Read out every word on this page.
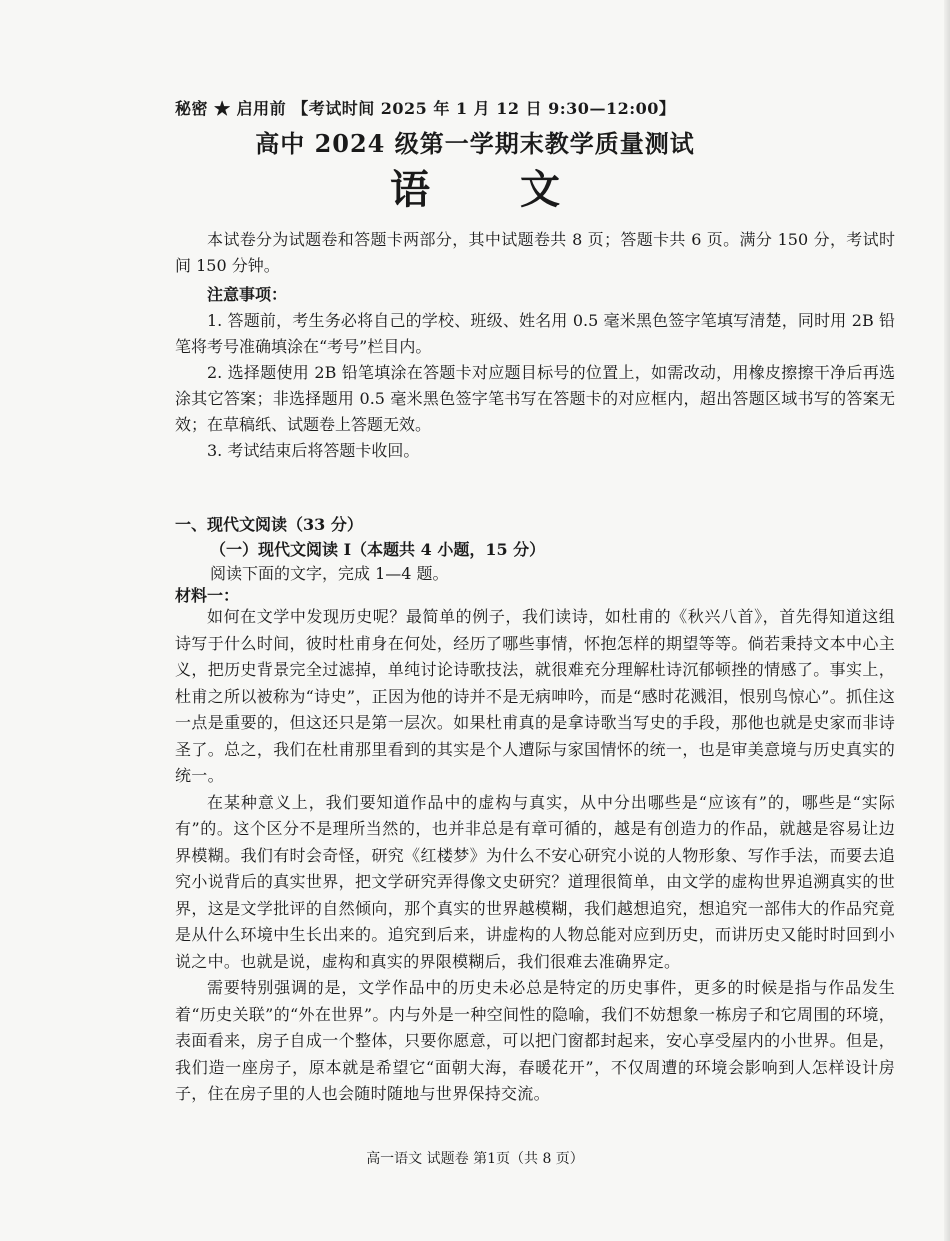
秘密 ★ 启用前 【考试时间 2025 年 1 月 12 日 9:30—12:00】
高中 2024 级第一学期末教学质量测试
语 文

本试卷分为试题卷和答题卡两部分，其中试题卷共 8 页；答题卡共 6 页。满分 150 分，考试时间 150 分钟。

注意事项：

1. 答题前，考生务必将自己的学校、班级、姓名用 0.5 毫米黑色签字笔填写清楚，同时用 2B 铅笔将考号准确填涂在“考号”栏目内。

2. 选择题使用 2B 铅笔填涂在答题卡对应题目标号的位置上，如需改动，用橡皮擦擦干净后再选涂其它答案；非选择题用 0.5 毫米黑色签字笔书写在答题卡的对应框内，超出答题区域书写的答案无效；在草稿纸、试题卷上答题无效。

3. 考试结束后将答题卡收回。

一、现代文阅读（33 分）
（一）现代文阅读 I（本题共 4 小题，15 分）
阅读下面的文字，完成 1—4 题。
材料一：

如何在文学中发现历史呢？最简单的例子，我们读诗，如杜甫的《秋兴八首》，首先得知道这组诗写于什么时间，彼时杜甫身在何处，经历了哪些事情，怀抱怎样的期望等等。倘若秉持文本中心主义，把历史背景完全过滤掉，单纯讨论诗歌技法，就很难充分理解杜诗沉郁顿挫的情感了。事实上，杜甫之所以被称为“诗史”，正因为他的诗并不是无病呻吟，而是“感时花溅泪，恨别鸟惊心”。抓住这一点是重要的，但这还只是第一层次。如果杜甫真的是拿诗歌当写史的手段，那他也就是史家而非诗圣了。总之，我们在杜甫那里看到的其实是个人遭际与家国情怀的统一，也是审美意境与历史真实的统一。

在某种意义上，我们要知道作品中的虚构与真实，从中分出哪些是“应该有”的，哪些是“实际有”的。这个区分不是理所当然的，也并非总是有章可循的，越是有创造力的作品，就越是容易让边界模糊。我们有时会奇怪，研究《红楼梦》为什么不安心研究小说的人物形象、写作手法，而要去追究小说背后的真实世界，把文学研究弄得像文史研究？道理很简单，由文学的虚构世界追溯真实的世界，这是文学批评的自然倾向，那个真实的世界越模糊，我们越想追究，想追究一部伟大的作品究竟是从什么环境中生长出来的。追究到后来，讲虚构的人物总能对应到历史，而讲历史又能时时回到小说之中。也就是说，虚构和真实的界限模糊后，我们很难去准确界定。

需要特别强调的是，文学作品中的历史未必总是特定的历史事件，更多的时候是指与作品发生着“历史关联”的“外在世界”。内与外是一种空间性的隐喻，我们不妨想象一栋房子和它周围的环境，表面看来，房子自成一个整体，只要你愿意，可以把门窗都封起来，安心享受屋内的小世界。但是，我们造一座房子，原本就是希望它“面朝大海，春暖花开”，不仅周遭的环境会影响到人怎样设计房子，住在房子里的人也会随时随地与世界保持交流。

高一语文 试题卷 第1页（共 8 页）
